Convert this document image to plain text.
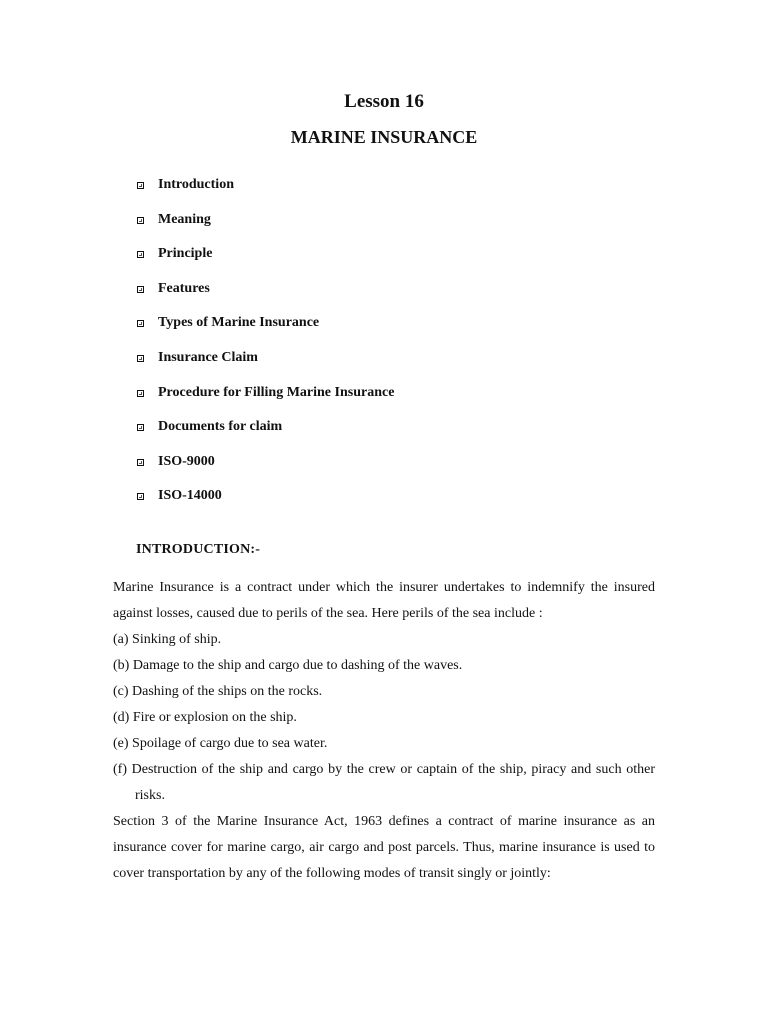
Lesson 16
MARINE INSURANCE
Introduction
Meaning
Principle
Features
Types of Marine Insurance
Insurance Claim
Procedure for Filling Marine Insurance
Documents for claim
ISO-9000
ISO-14000
INTRODUCTION:-

Marine Insurance is a contract under which the insurer undertakes to indemnify the insured against losses, caused due to perils of the sea. Here perils of the sea include :

(a) Sinking of ship.

(b) Damage to the ship and cargo due to dashing of the waves.

(c) Dashing of the ships on the rocks.

(d) Fire or explosion on the ship.

(e) Spoilage of cargo due to sea water.

(f) Destruction of the ship and cargo by the crew or captain of the ship, piracy and such other risks.

Section 3 of the Marine Insurance Act, 1963 defines a contract of marine insurance as an insurance cover for marine cargo, air cargo and post parcels. Thus, marine insurance is used to cover transportation by any of the following modes of transit singly or jointly:
